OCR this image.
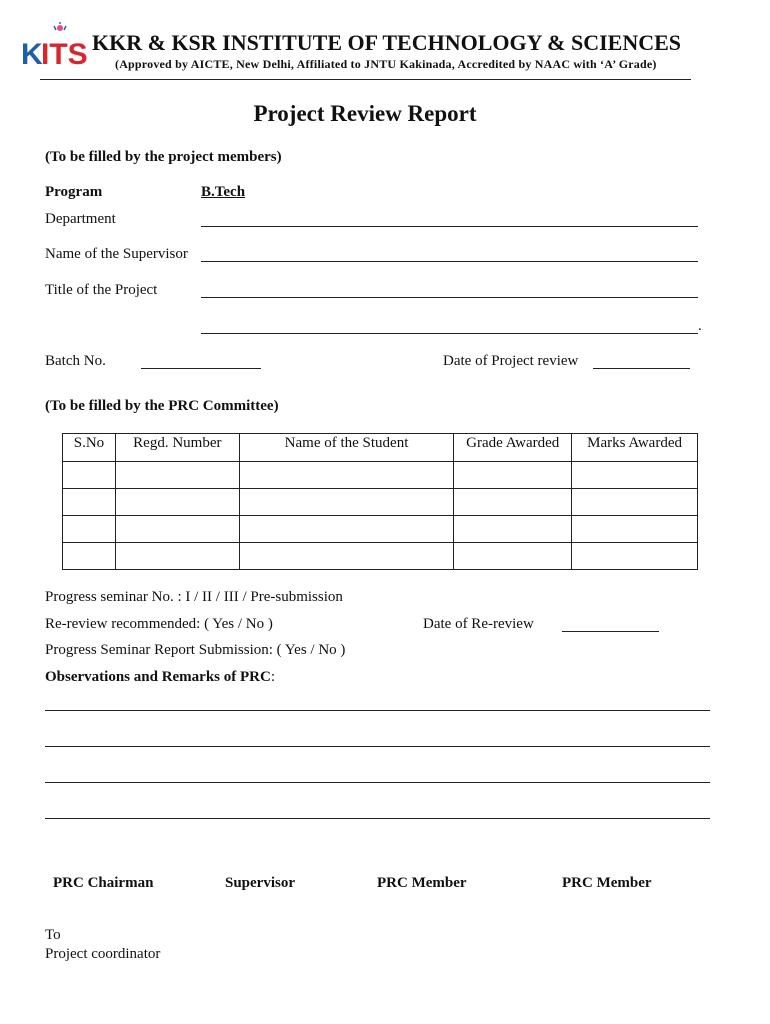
K
ITS KKR & KSR INSTITUTE OF TECHNOLOGY & SCIENCES
(Approved by AICTE, New Delhi, Affiliated to JNTU Kakinada, Accredited by NAAC with ‘A’ Grade)
Project Review Report
(To be filled by the project members)
Program	B.Tech
Department
Name of the Supervisor
Title of the Project
.
Batch No.	Date of Project review
(To be filled by the PRC Committee)
S.No	Regd. Number	Name of the Student	Grade Awarded	Marks Awarded

Progress seminar No. : I / II / III / Pre-submission
Re-review recommended: ( Yes / No )	Date of Re-review
Progress Seminar Report Submission: ( Yes / No )
Observations and Remarks of PRC:
PRC Chairman	Supervisor	PRC Member	PRC Member
To
Project coordinator
